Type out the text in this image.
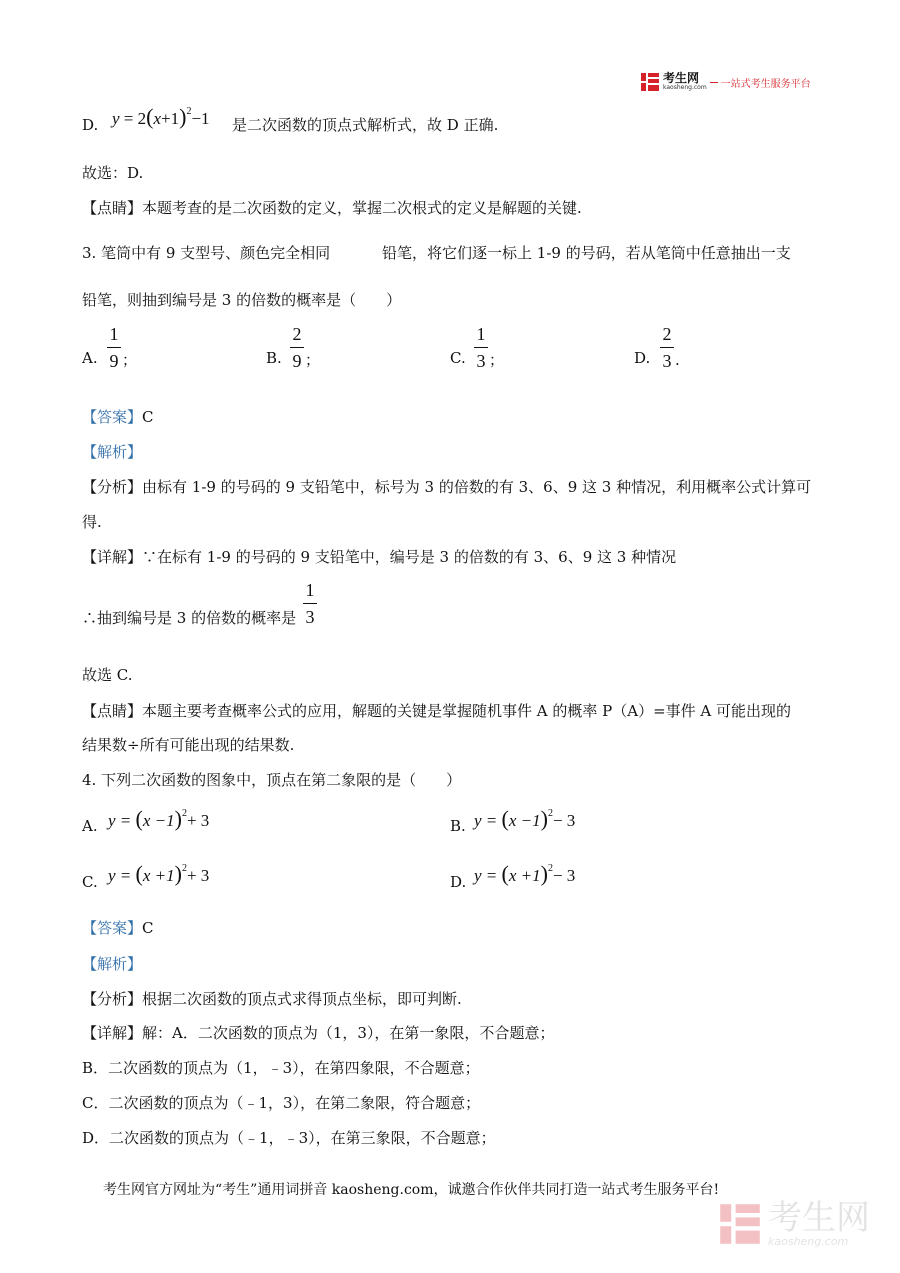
考生网
kaosheng.com 一站式考生服务平台
D. $y = 2(x+1)^2-1$ 是二次函数的顶点式解析式，故 D 正确.
故选：D.
【点睛】本题考查的是二次函数的定义，掌握二次根式的定义是解题的关键.
3. 笔筒中有 9 支型号、颜色完全相同	铅笔，将它们逐一标上 1-9 的号码，若从笔筒中任意抽出一支
铅笔，则抽到编号是 3 的倍数的概率是（　　）
A.
1
9 ；	B.
2
9 ；	C.
1
3 ；	D.
2
3 .
【答案】C
【解析】
【分析】由标有 1-9 的号码的 9 支铅笔中，标号为 3 的倍数的有 3、6、9 这 3 种情况，利用概率公式计算可
得.
【详解】∵在标有 1-9 的号码的 9 支铅笔中，编号是 3 的倍数的有 3、6、9 这 3 种情况
∴抽到编号是 3 的倍数的概率是
1
3
故选 C.
【点睛】本题主要考查概率公式的应用，解题的关键是掌握随机事件 A 的概率 P（A）=事件 A 可能出现的
结果数÷所有可能出现的结果数.
4. 下列二次函数的图象中，顶点在第二象限的是（　　）
A. $y = (x -1)^2+ 3$	B. $y = (x -1)^2- 3$
C. $y = (x +1)^2+ 3$	D. $y = (x +1)^2- 3$
【答案】C
【解析】
【分析】根据二次函数的顶点式求得顶点坐标，即可判断.
【详解】解：A．二次函数的顶点为（1，3），在第一象限，不合题意；
B．二次函数的顶点为（1，﹣3），在第四象限，不合题意；
C．二次函数的顶点为（﹣1，3），在第二象限，符合题意；
D．二次函数的顶点为（﹣1，﹣3），在第三象限，不合题意；
考生网官方网址为“考生”通用词拼音 kaosheng.com，诚邀合作伙伴共同打造一站式考生服务平台!
考生网
kaosheng.com
